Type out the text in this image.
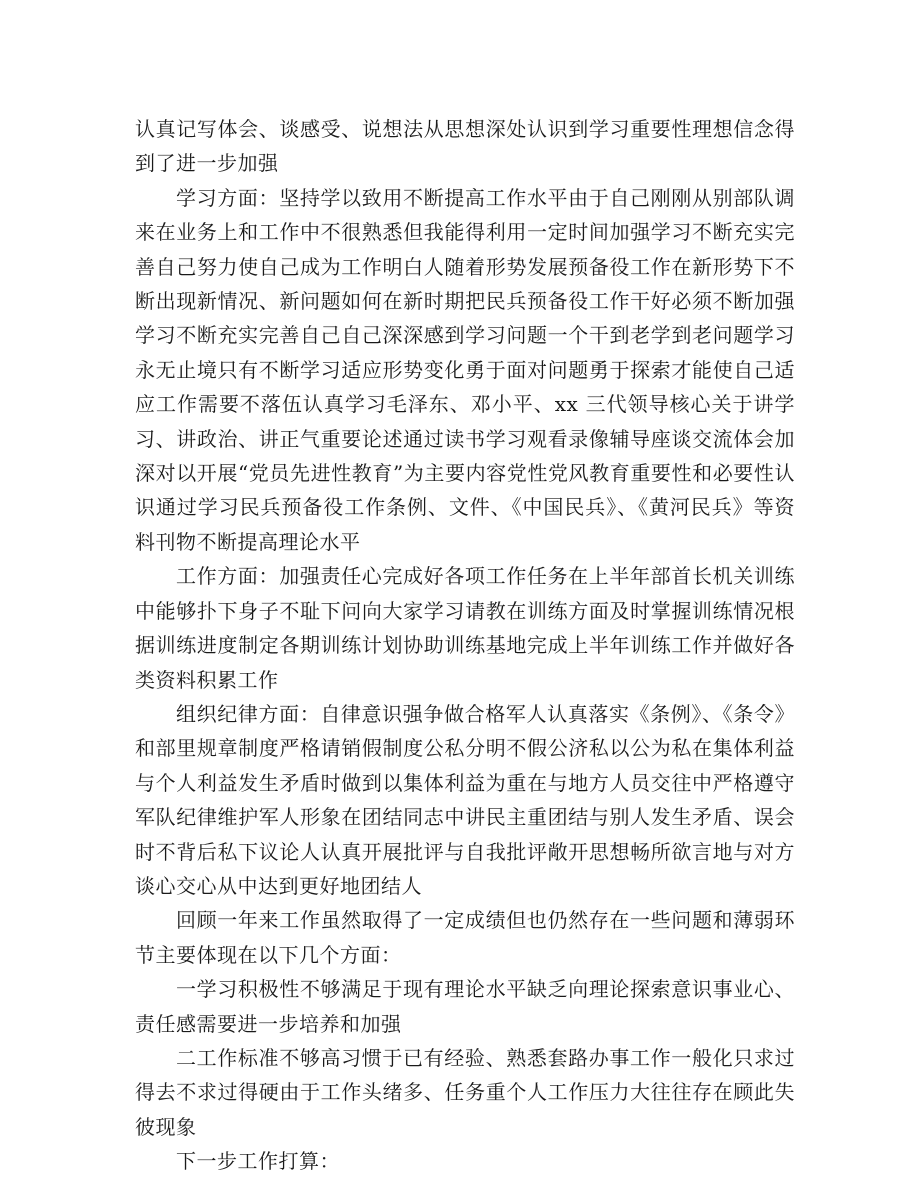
认真记写体会、谈感受、说想法从思想深处认识到学习重要性理想信念得到了进一步加强

学习方面：坚持学以致用不断提高工作水平由于自己刚刚从别部队调来在业务上和工作中不很熟悉但我能得利用一定时间加强学习不断充实完善自己努力使自己成为工作明白人随着形势发展预备役工作在新形势下不断出现新情况、新问题如何在新时期把民兵预备役工作干好必须不断加强学习不断充实完善自己自己深深感到学习问题一个干到老学到老问题学习永无止境只有不断学习适应形势变化勇于面对问题勇于探索才能使自己适应工作需要不落伍认真学习毛泽东、邓小平、xx 三代领导核心关于讲学习、讲政治、讲正气重要论述通过读书学习观看录像辅导座谈交流体会加深对以开展“党员先进性教育”为主要内容党性党风教育重要性和必要性认识通过学习民兵预备役工作条例、文件、《中国民兵》、《黄河民兵》等资料刊物不断提高理论水平

工作方面：加强责任心完成好各项工作任务在上半年部首长机关训练中能够扑下身子不耻下问向大家学习请教在训练方面及时掌握训练情况根据训练进度制定各期训练计划协助训练基地完成上半年训练工作并做好各类资料积累工作

组织纪律方面：自律意识强争做合格军人认真落实《条例》、《条令》和部里规章制度严格请销假制度公私分明不假公济私以公为私在集体利益与个人利益发生矛盾时做到以集体利益为重在与地方人员交往中严格遵守军队纪律维护军人形象在团结同志中讲民主重团结与别人发生矛盾、误会时不背后私下议论人认真开展批评与自我批评敞开思想畅所欲言地与对方谈心交心从中达到更好地团结人

回顾一年来工作虽然取得了一定成绩但也仍然存在一些问题和薄弱环节主要体现在以下几个方面：

一学习积极性不够满足于现有理论水平缺乏向理论探索意识事业心、责任感需要进一步培养和加强

二工作标准不够高习惯于已有经验、熟悉套路办事工作一般化只求过得去不求过得硬由于工作头绪多、任务重个人工作压力大往往存在顾此失彼现象

下一步工作打算：
